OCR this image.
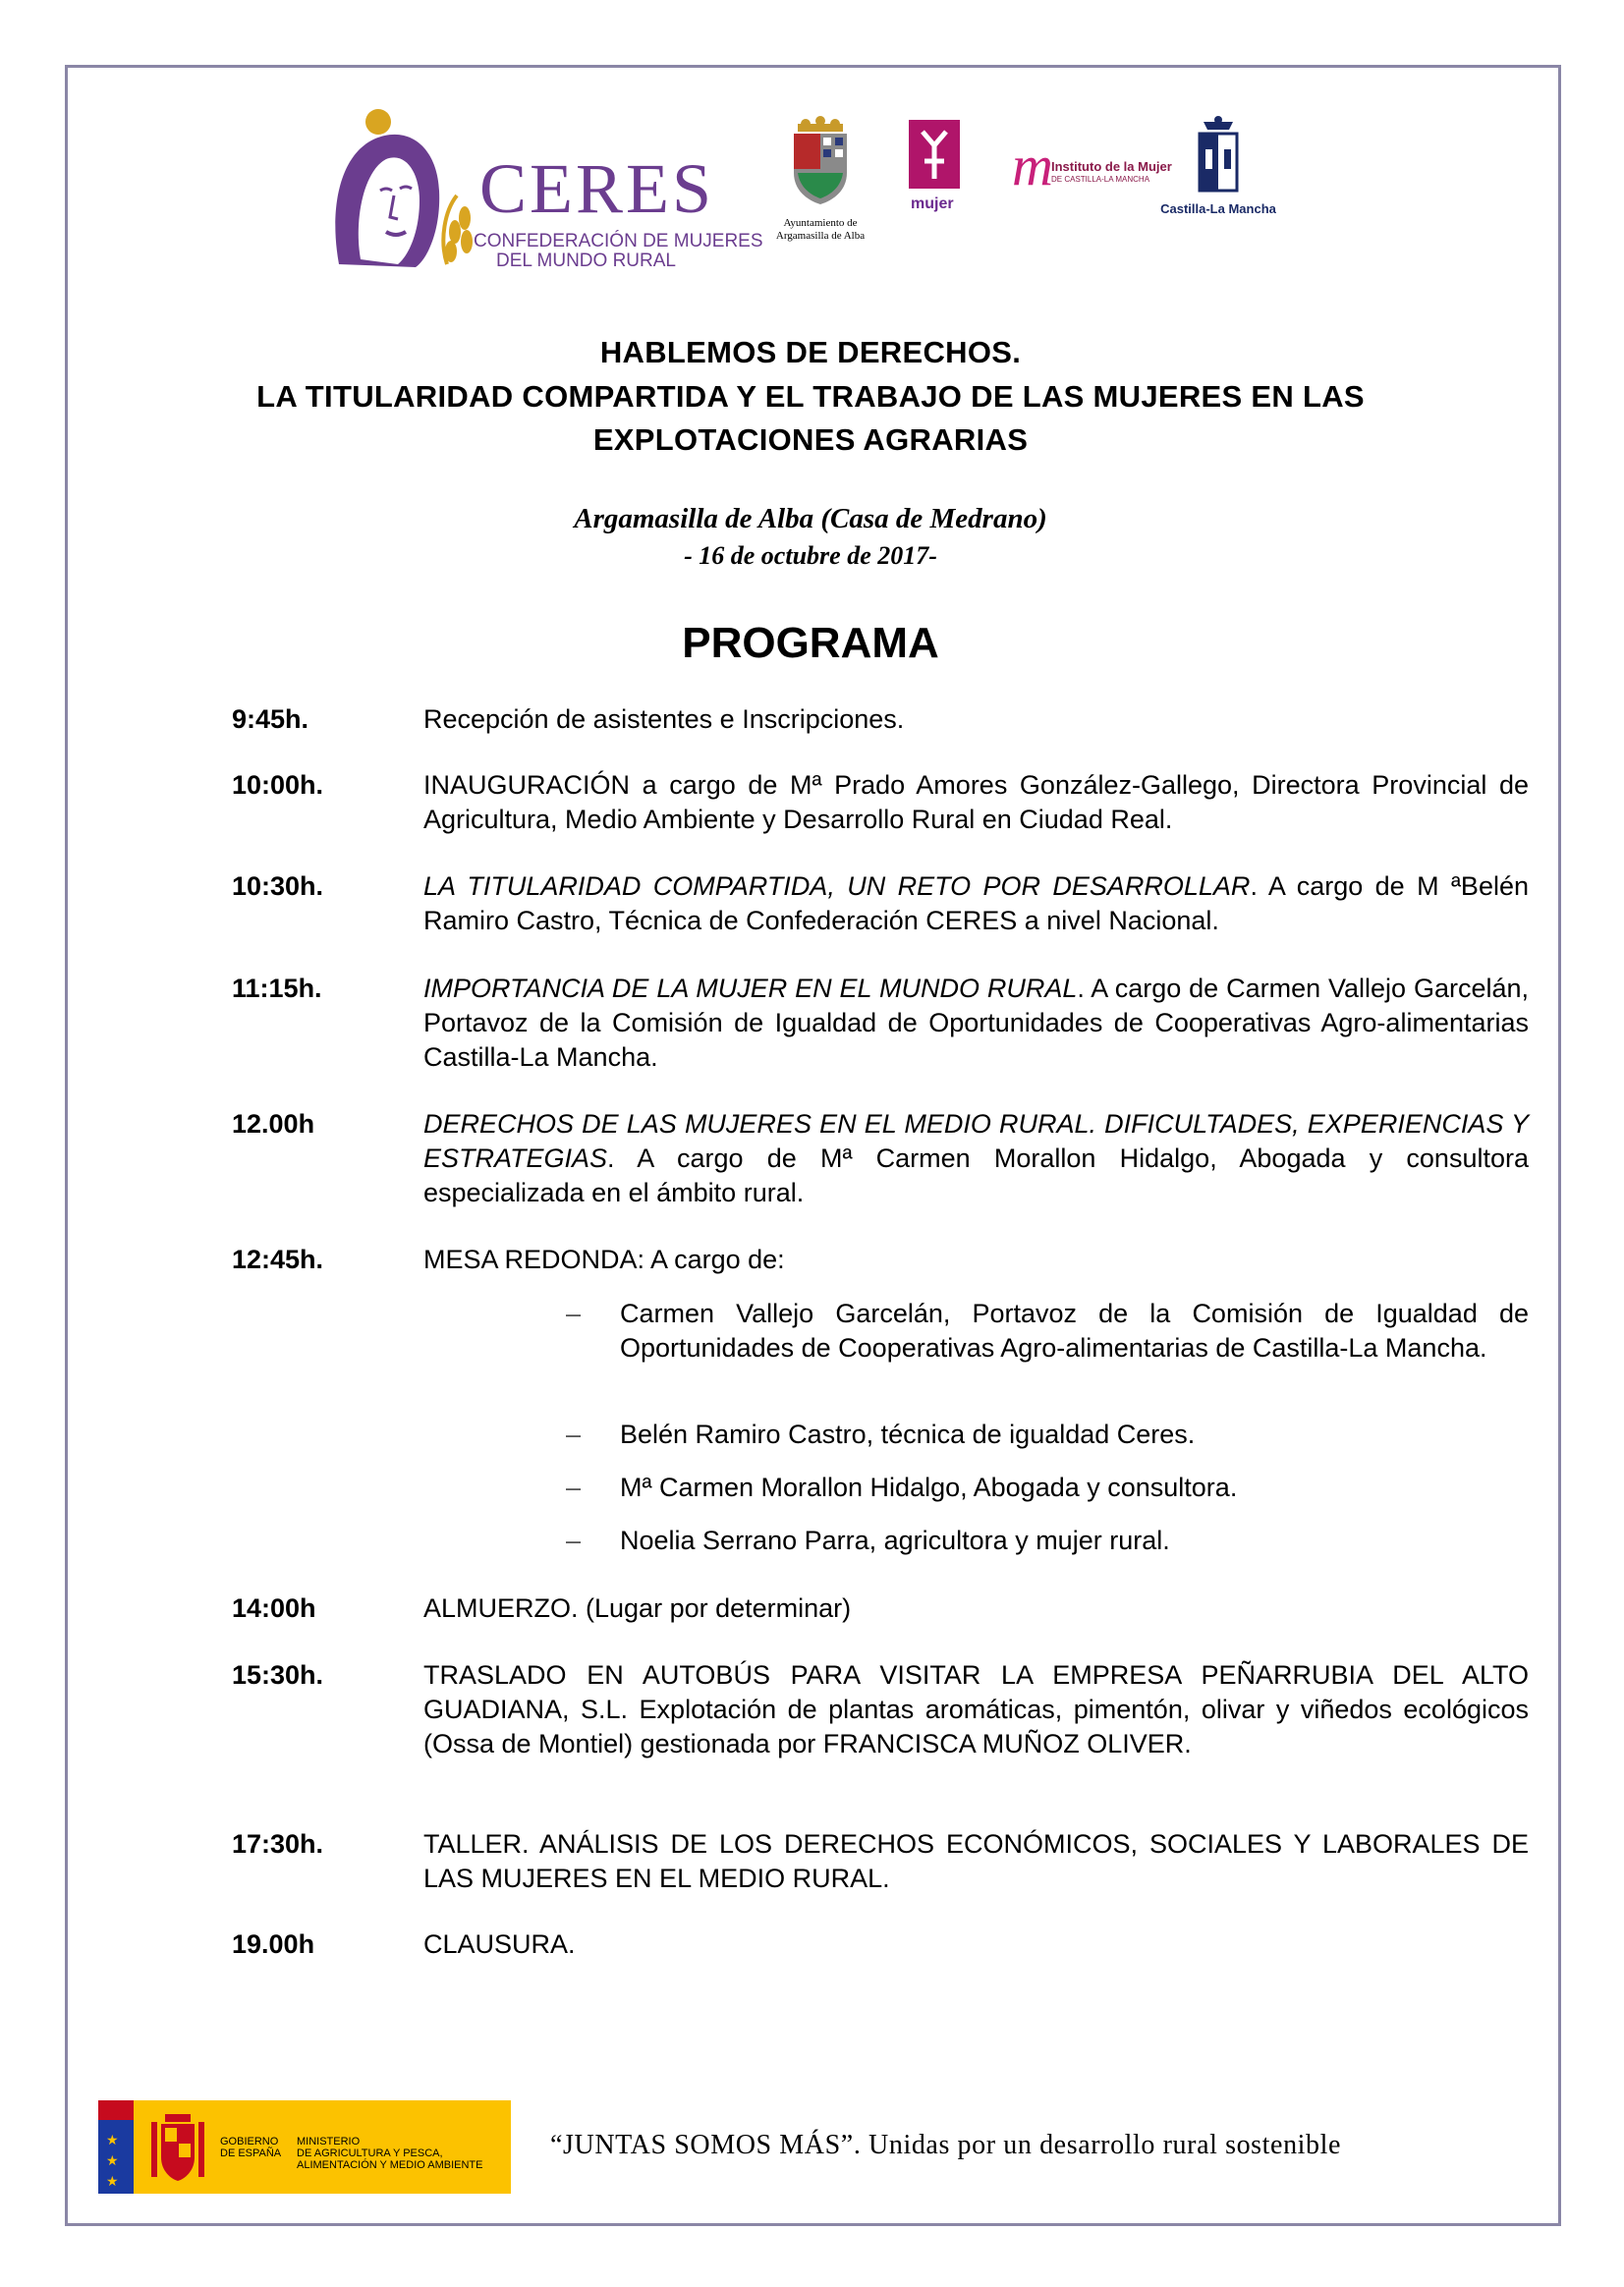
CERES
CONFEDERACIÓN DE MUJERES
DEL MUNDO RURAL
Ayuntamiento de
Argamasilla de Alba
mujer
m
Instituto de la Mujer
DE CASTILLA-LA MANCHA
Castilla-La Mancha
HABLEMOS DE DERECHOS.
LA TITULARIDAD COMPARTIDA Y EL TRABAJO DE LAS MUJERES EN LAS
EXPLOTACIONES AGRARIAS
Argamasilla de Alba (Casa de Medrano)
- 16 de octubre de 2017-
PROGRAMA
9:45h.	Recepción de asistentes e Inscripciones.
10:00h.	INAUGURACIÓN a cargo de Mª Prado Amores González-Gallego, Directora Provincial de Agricultura, Medio Ambiente y Desarrollo Rural en Ciudad Real.
10:30h.	LA TITULARIDAD COMPARTIDA, UN RETO POR DESARROLLAR. A cargo de M ªBelén Ramiro Castro, Técnica de Confederación CERES a nivel Nacional.
11:15h.	IMPORTANCIA DE LA MUJER EN EL MUNDO RURAL. A cargo de Carmen Vallejo Garcelán, Portavoz de la Comisión de Igualdad de Oportunidades de Cooperativas Agro-alimentarias Castilla-La Mancha.
12.00h	DERECHOS DE LAS MUJERES EN EL MEDIO RURAL. DIFICULTADES, EXPERIENCIAS Y ESTRATEGIAS. A cargo de Mª Carmen Morallon Hidalgo, Abogada y consultora especializada en el ámbito rural.
12:45h.	MESA REDONDA: A cargo de:
– Carmen Vallejo Garcelán, Portavoz de la Comisión de Igualdad de Oportunidades de Cooperativas Agro-alimentarias de Castilla-La Mancha.
– Belén Ramiro Castro, técnica de igualdad Ceres.
– Mª Carmen Morallon Hidalgo, Abogada y consultora.
– Noelia Serrano Parra, agricultora y mujer rural.
14:00h	ALMUERZO. (Lugar por determinar)
15:30h.	TRASLADO EN AUTOBÚS PARA VISITAR LA EMPRESA PEÑARRUBIA DEL ALTO GUADIANA, S.L. Explotación de plantas aromáticas, pimentón, olivar y viñedos ecológicos (Ossa de Montiel) gestionada por FRANCISCA MUÑOZ OLIVER.
17:30h.	TALLER. ANÁLISIS DE LOS DERECHOS ECONÓMICOS, SOCIALES Y LABORALES DE LAS MUJERES EN EL MEDIO RURAL.
19.00h	CLAUSURA.
★
★
★
GOBIERNO
DE ESPAÑA
MINISTERIO
DE AGRICULTURA Y PESCA,
ALIMENTACIÓN Y MEDIO AMBIENTE
“JUNTAS SOMOS MÁS”. Unidas por un desarrollo rural sostenible
